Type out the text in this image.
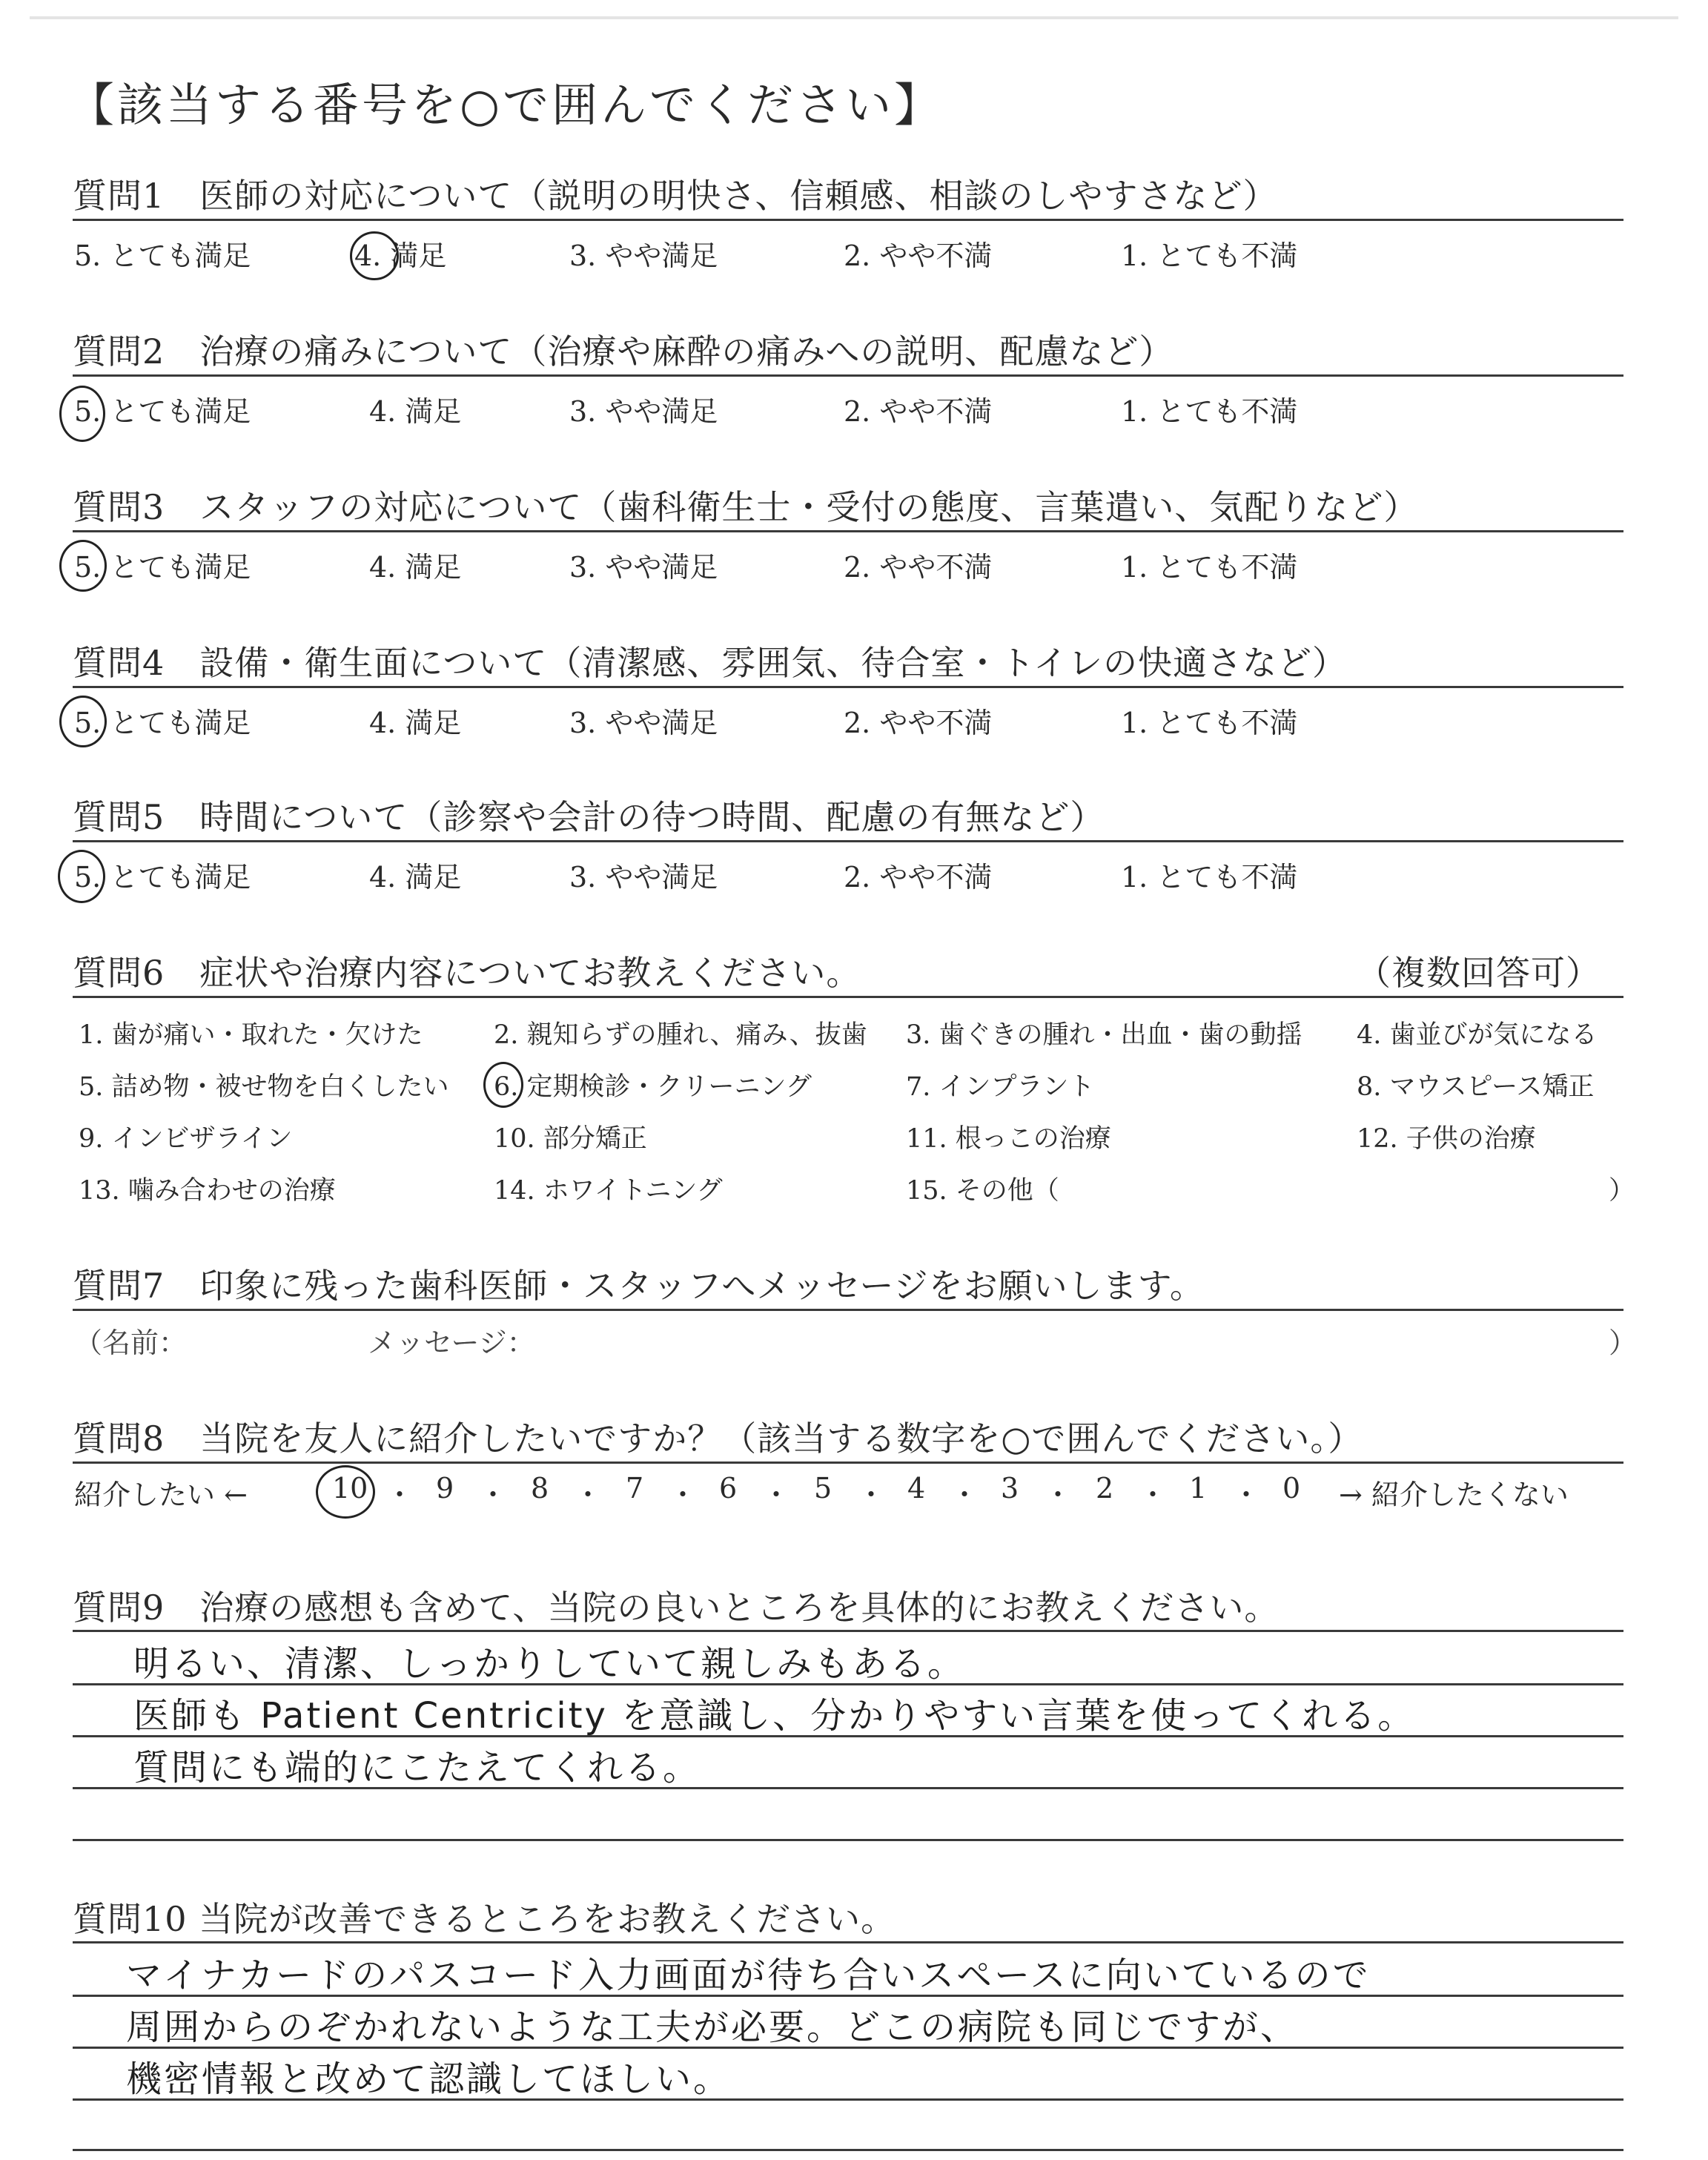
【該当する番号を○で囲んでください】
質問1　医師の対応について（説明の明快さ、信頼感、相談のしやすさなど）
5. とても満足	4. 満足	3. やや満足	2. やや不満	1. とても不満
質問2　治療の痛みについて（治療や麻酔の痛みへの説明、配慮など）
5. とても満足	4. 満足	3. やや満足	2. やや不満	1. とても不満
質問3　スタッフの対応について（歯科衛生士・受付の態度、言葉遣い、気配りなど）
5. とても満足	4. 満足	3. やや満足	2. やや不満	1. とても不満
質問4　設備・衛生面について（清潔感、雰囲気、待合室・トイレの快適さなど）
5. とても満足	4. 満足	3. やや満足	2. やや不満	1. とても不満
質問5　時間について（診察や会計の待つ時間、配慮の有無など）
5. とても満足	4. 満足	3. やや満足	2. やや不満	1. とても不満
質問6　症状や治療内容についてお教えください。	（複数回答可）
1. 歯が痛い・取れた・欠けた	2. 親知らずの腫れ、痛み、抜歯 3. 歯ぐきの腫れ・出血・歯の動揺 4. 歯並びが気になる
5. 詰め物・被せ物を白くしたい 6. 定期検診・クリーニング	7. インプラント	8. マウスピース矯正
9. インビザライン	10. 部分矯正	11. 根っこの治療	12. 子供の治療
13. 噛み合わせの治療	14. ホワイトニング	15. その他（	）
質問7　印象に残った歯科医師・スタッフへメッセージをお願いします。
（名前：	メッセージ：	）
質問8　当院を友人に紹介したいですか？（該当する数字を○で囲んでください。）
紹介したい ←	→ 紹介したくない
10 ・ 9 ・ 8 ・ 7 ・ 6 ・ 5 ・ 4 ・ 3 ・ 2 ・ 1 ・ 0
質問9　治療の感想も含めて、当院の良いところを具体的にお教えください。
明るい、清潔、しっかりしていて親しみもある。
医師も Patient Centricity を意識し、分かりやすい言葉を使ってくれる。
質問にも端的にこたえてくれる。
質問10 当院が改善できるところをお教えください。
マイナカードのパスコード入力画面が待ち合いスペースに向いているので
周囲からのぞかれないような工夫が必要。どこの病院も同じですが、
機密情報と改めて認識してほしい。
